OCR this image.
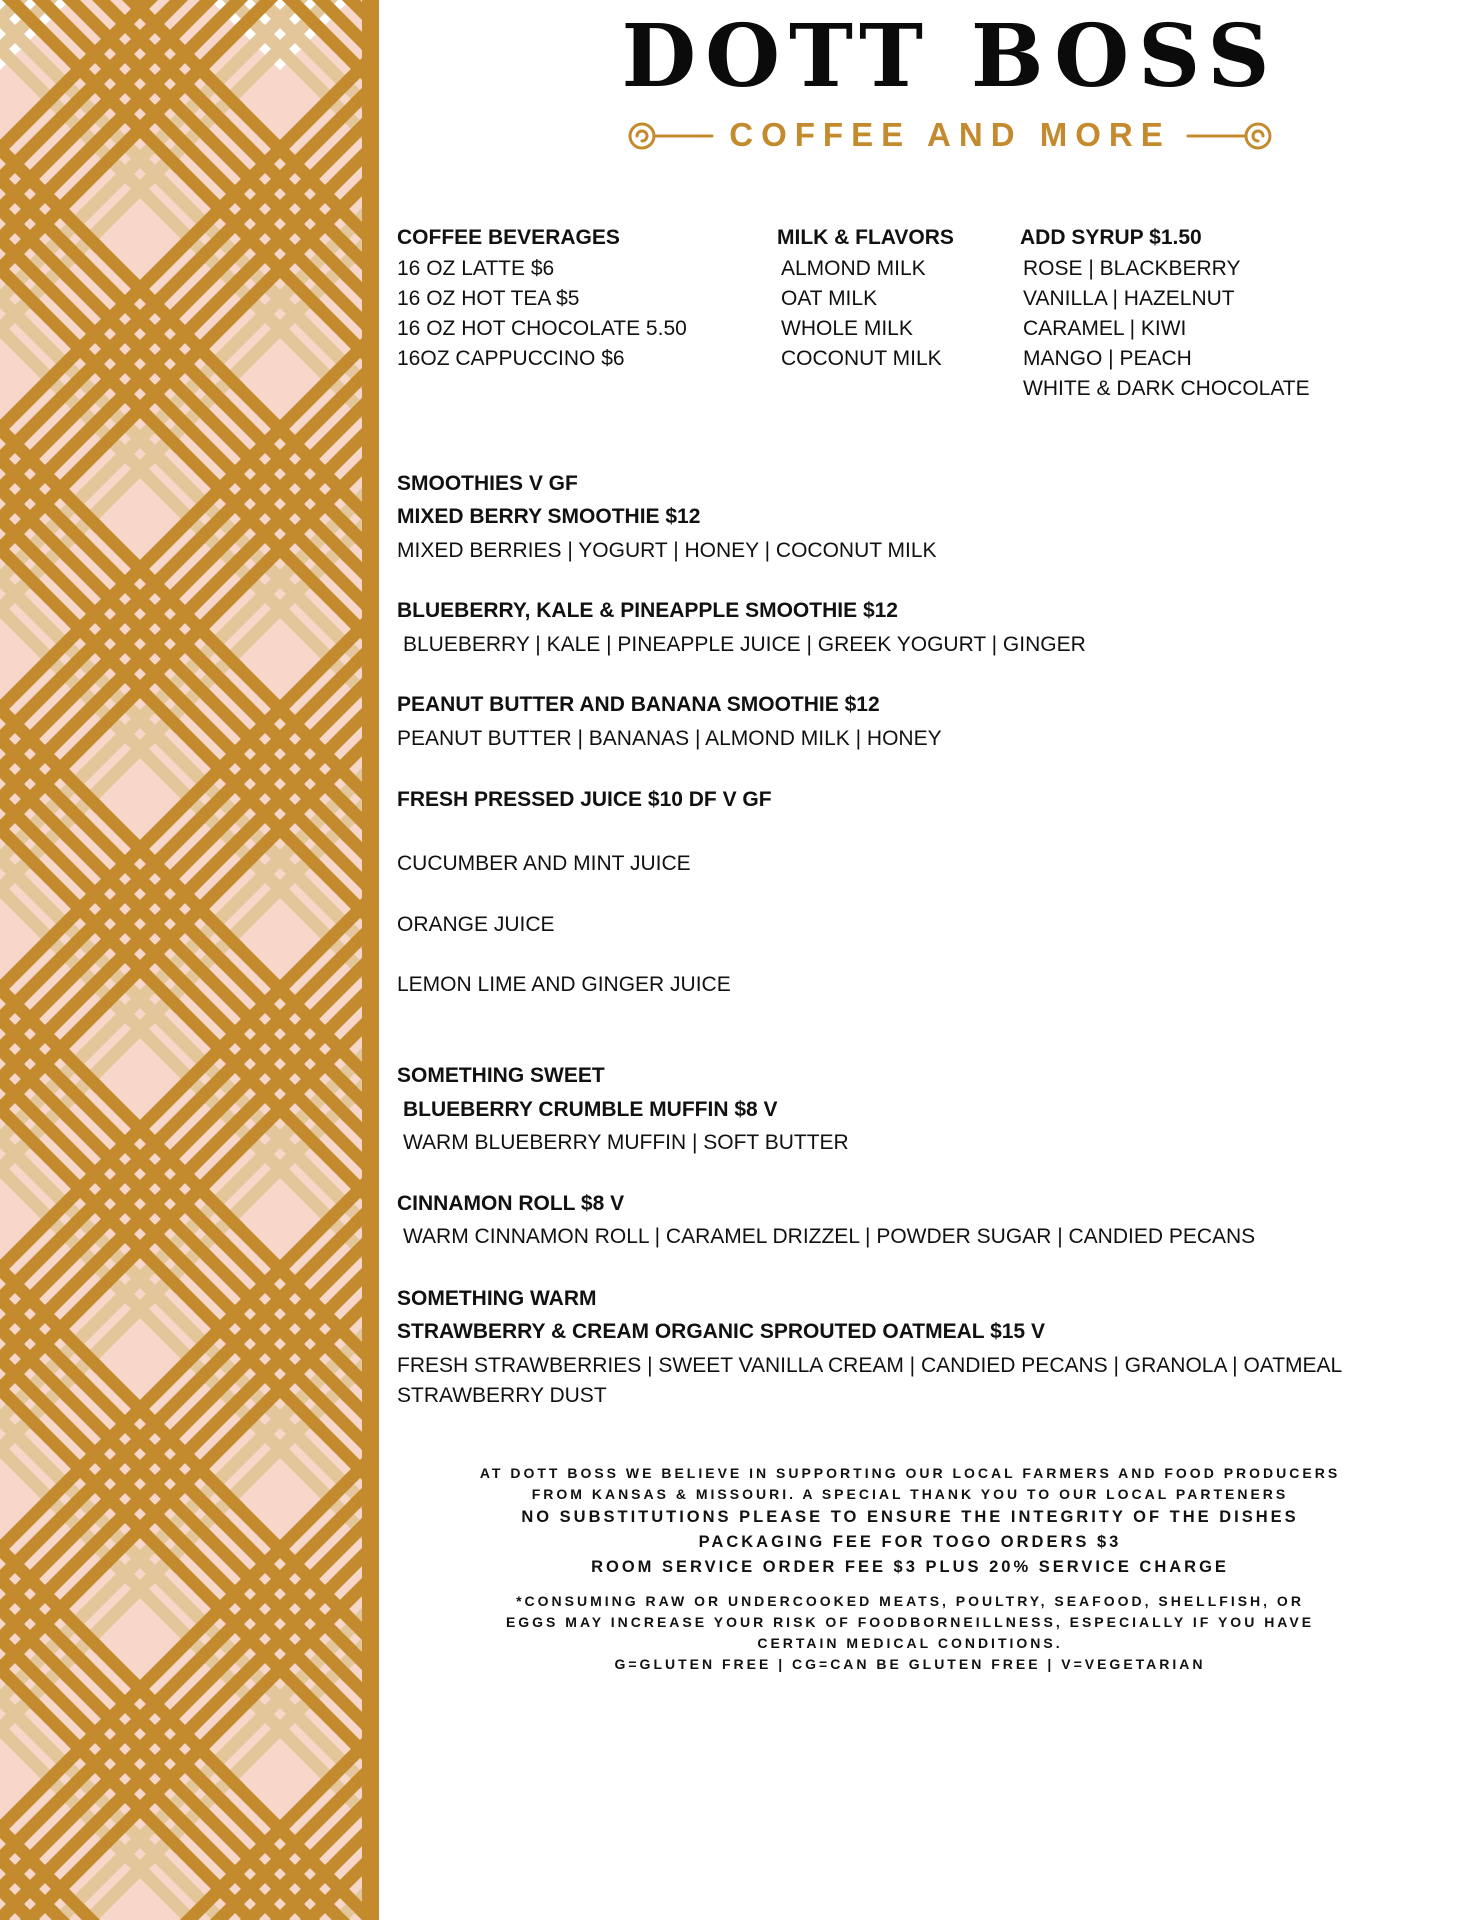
DOTT BOSS
COFFEE AND MORE
COFFEE BEVERAGES
16 OZ LATTE $6
16 OZ HOT TEA $5
16 OZ HOT CHOCOLATE 5.50
16OZ CAPPUCCINO $6
MILK & FLAVORS
ALMOND MILK
OAT MILK
WHOLE MILK
COCONUT MILK
ADD SYRUP $1.50
ROSE | BLACKBERRY
VANILLA | HAZELNUT
CARAMEL | KIWI
MANGO | PEACH
WHITE & DARK CHOCOLATE
SMOOTHIES V GF
MIXED BERRY SMOOTHIE $12
MIXED BERRIES | YOGURT | HONEY | COCONUT MILK
BLUEBERRY, KALE & PINEAPPLE SMOOTHIE $12
BLUEBERRY | KALE | PINEAPPLE JUICE | GREEK YOGURT | GINGER
PEANUT BUTTER AND BANANA SMOOTHIE $12
PEANUT BUTTER | BANANAS | ALMOND MILK | HONEY
FRESH PRESSED JUICE $10 DF V GF
CUCUMBER AND MINT JUICE
ORANGE JUICE
LEMON LIME AND GINGER JUICE
SOMETHING SWEET
BLUEBERRY CRUMBLE MUFFIN $8 V
WARM BLUEBERRY MUFFIN | SOFT BUTTER
CINNAMON ROLL $8 V
WARM CINNAMON ROLL | CARAMEL DRIZZEL | POWDER SUGAR | CANDIED PECANS
SOMETHING WARM
STRAWBERRY & CREAM ORGANIC SPROUTED OATMEAL $15 V
FRESH STRAWBERRIES | SWEET VANILLA CREAM | CANDIED PECANS | GRANOLA | OATMEAL
STRAWBERRY DUST
AT DOTT BOSS WE BELIEVE IN SUPPORTING OUR LOCAL FARMERS AND FOOD PRODUCERS
FROM KANSAS & MISSOURI. A SPECIAL THANK YOU TO OUR LOCAL PARTENERS
NO SUBSTITUTIONS PLEASE TO ENSURE THE INTEGRITY OF THE DISHES
PACKAGING FEE FOR TOGO ORDERS $3
ROOM SERVICE ORDER FEE $3 PLUS 20% SERVICE CHARGE
*CONSUMING RAW OR UNDERCOOKED MEATS, POULTRY, SEAFOOD, SHELLFISH, OR
EGGS MAY INCREASE YOUR RISK OF FOODBORNEILLNESS, ESPECIALLY IF YOU HAVE
CERTAIN MEDICAL CONDITIONS.
G=GLUTEN FREE | CG=CAN BE GLUTEN FREE | V=VEGETARIAN
